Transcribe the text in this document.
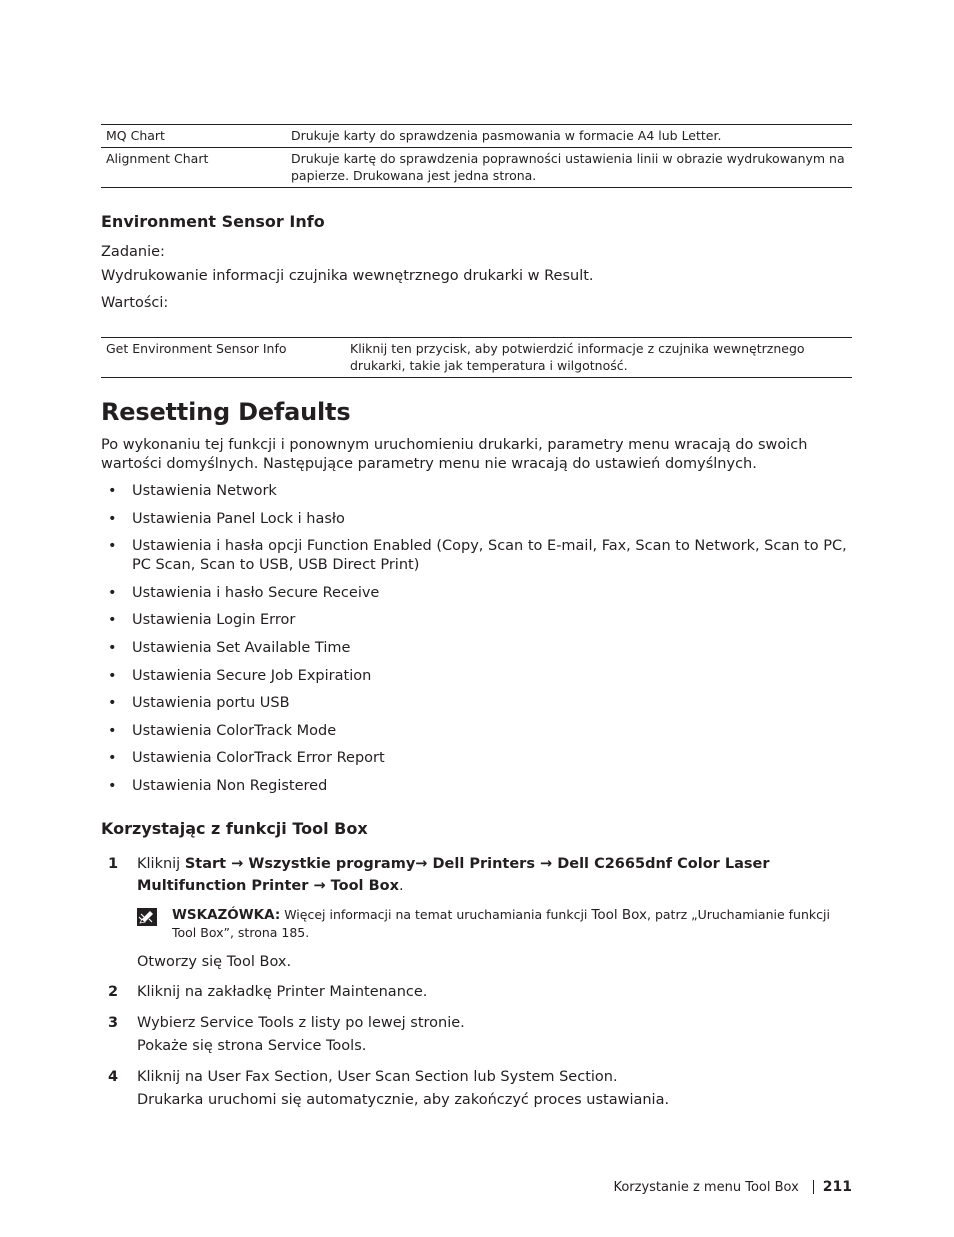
MQ Chart	Drukuje karty do sprawdzenia pasmowania w formacie A4 lub Letter.
Alignment Chart	Drukuje kartę do sprawdzenia poprawności ustawienia linii w obrazie wydrukowanym na papierze. Drukowana jest jedna strona.
Environment Sensor Info
Zadanie:
Wydrukowanie informacji czujnika wewnętrznego drukarki w Result.
Wartości:
Get Environment Sensor Info	Kliknij ten przycisk, aby potwierdzić informacje z czujnika wewnętrznego drukarki, takie jak temperatura i wilgotność.
Resetting Defaults
Po wykonaniu tej funkcji i ponownym uruchomieniu drukarki, parametry menu wracają do swoich wartości domyślnych. Następujące parametry menu nie wracają do ustawień domyślnych.
• Ustawienia Network
• Ustawienia Panel Lock i hasło
• Ustawienia i hasła opcji Function Enabled (Copy, Scan to E-mail, Fax, Scan to Network, Scan to PC, PC Scan, Scan to USB, USB Direct Print)
• Ustawienia i hasło Secure Receive
• Ustawienia Login Error
• Ustawienia Set Available Time
• Ustawienia Secure Job Expiration
• Ustawienia portu USB
• Ustawienia ColorTrack Mode
• Ustawienia ColorTrack Error Report
• Ustawienia Non Registered
Korzystając z funkcji Tool Box
1 Kliknij Start → Wszystkie programy→ Dell Printers → Dell C2665dnf Color Laser Multifunction Printer → Tool Box.
WSKAZÓWKA: Więcej informacji na temat uruchamiania funkcji Tool Box, patrz „Uruchamianie funkcji Tool Box”, strona 185.
Otworzy się Tool Box.
2 Kliknij na zakładkę Printer Maintenance.
3 Wybierz Service Tools z listy po lewej stronie.
Pokaże się strona Service Tools.
4 Kliknij na User Fax Section, User Scan Section lub System Section.
Drukarka uruchomi się automatycznie, aby zakończyć proces ustawiania.
Korzystanie z menu Tool Box 211
